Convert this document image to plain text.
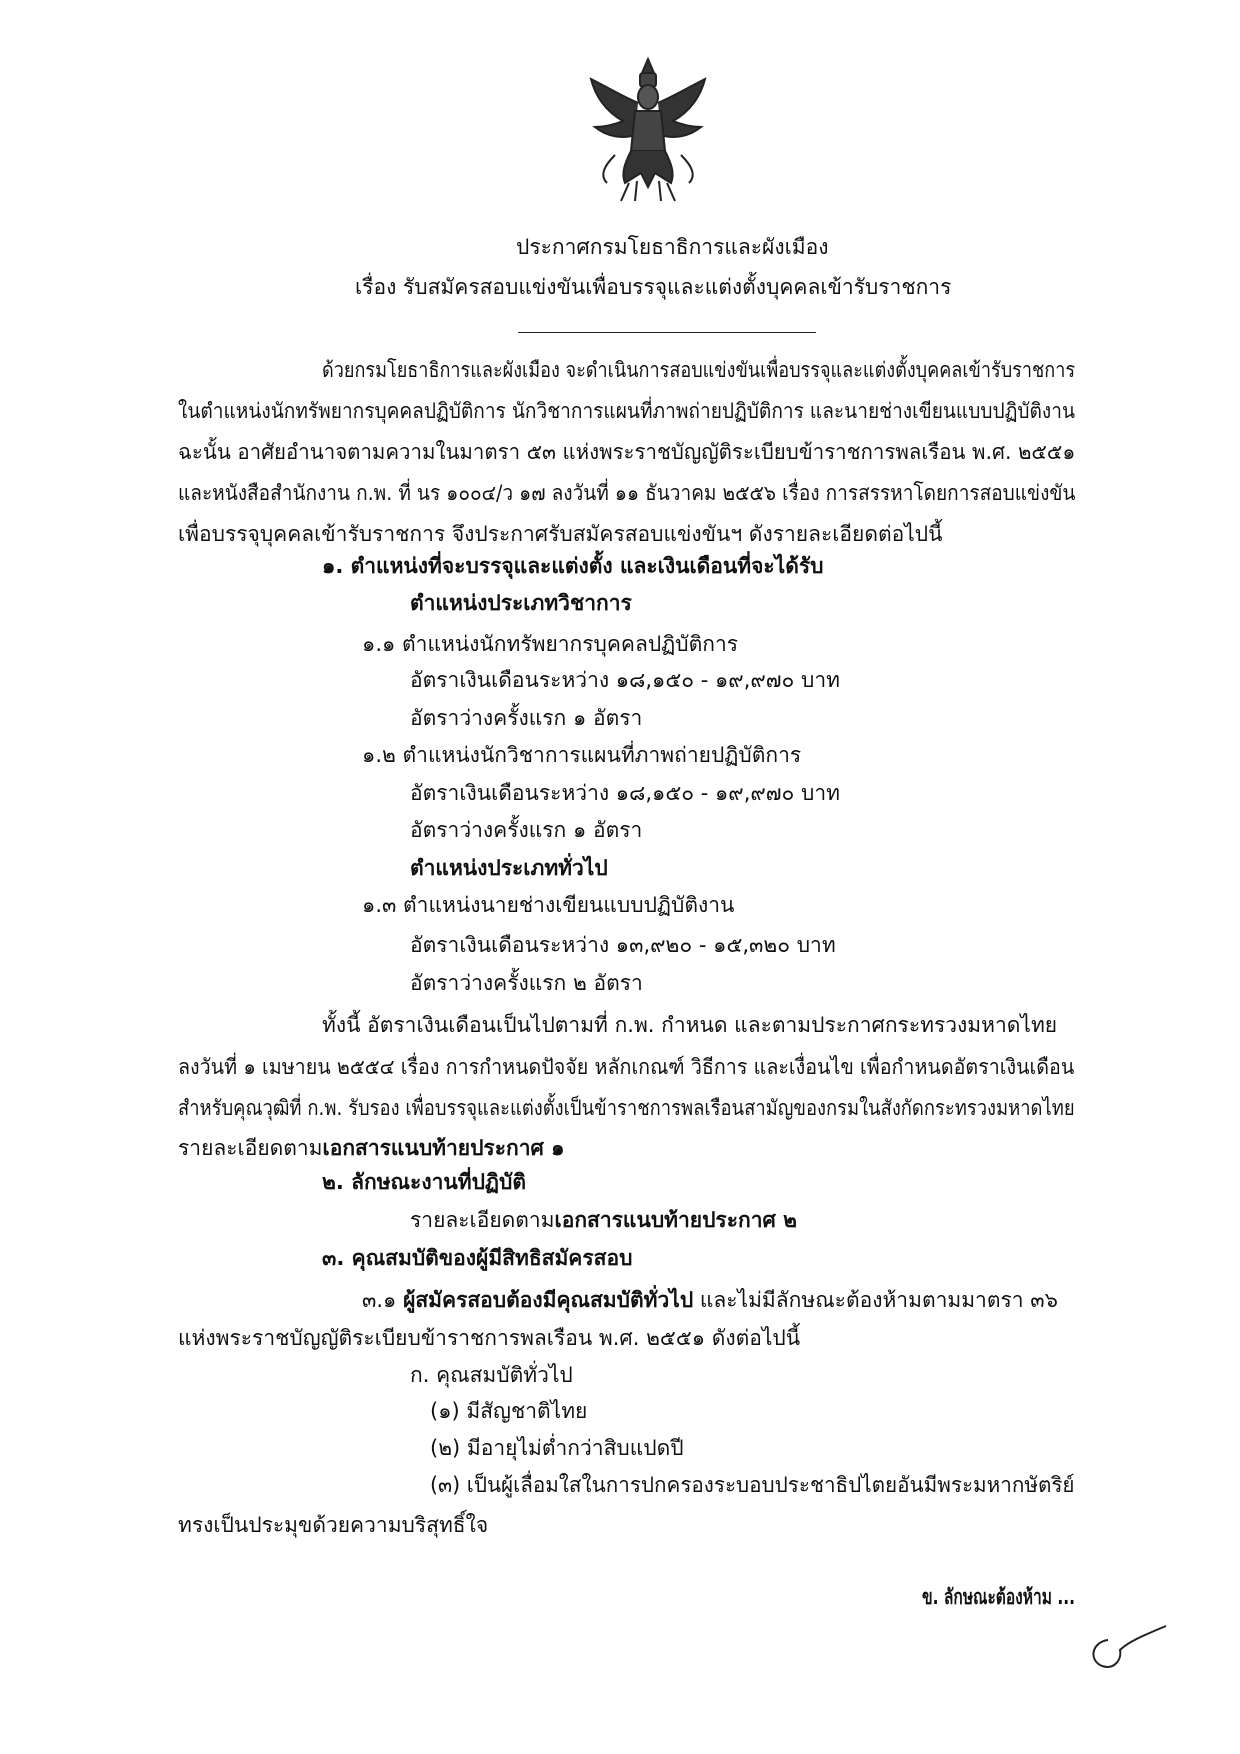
ประกาศกรมโยธาธิการและผังเมือง
เรื่อง รับสมัครสอบแข่งขันเพื่อบรรจุและแต่งตั้งบุคคลเข้ารับราชการ
ด้วยกรมโยธาธิการและผังเมือง จะดำเนินการสอบแข่งขันเพื่อบรรจุและแต่งตั้งบุคคลเข้ารับราชการ
ในตำแหน่งนักทรัพยากรบุคคลปฏิบัติการ นักวิชาการแผนที่ภาพถ่ายปฏิบัติการ และนายช่างเขียนแบบปฏิบัติงาน
ฉะนั้น อาศัยอำนาจตามความในมาตรา ๕๓ แห่งพระราชบัญญัติระเบียบข้าราชการพลเรือน พ.ศ. ๒๕๕๑
และหนังสือสำนักงาน ก.พ. ที่ นร ๑๐๐๔/ว ๑๗ ลงวันที่ ๑๑ ธันวาคม ๒๕๕๖ เรื่อง การสรรหาโดยการสอบแข่งขัน
เพื่อบรรจุบุคคลเข้ารับราชการ จึงประกาศรับสมัครสอบแข่งขันฯ ดังรายละเอียดต่อไปนี้
๑. ตำแหน่งที่จะบรรจุและแต่งตั้ง และเงินเดือนที่จะได้รับ
ตำแหน่งประเภทวิชาการ
๑.๑ ตำแหน่งนักทรัพยากรบุคคลปฏิบัติการ
อัตราเงินเดือนระหว่าง ๑๘,๑๕๐ - ๑๙,๙๗๐ บาท
อัตราว่างครั้งแรก ๑ อัตรา
๑.๒ ตำแหน่งนักวิชาการแผนที่ภาพถ่ายปฏิบัติการ
อัตราเงินเดือนระหว่าง ๑๘,๑๕๐ - ๑๙,๙๗๐ บาท
อัตราว่างครั้งแรก ๑ อัตรา
ตำแหน่งประเภททั่วไป
๑.๓ ตำแหน่งนายช่างเขียนแบบปฏิบัติงาน
อัตราเงินเดือนระหว่าง ๑๓,๙๒๐ - ๑๕,๓๒๐ บาท
อัตราว่างครั้งแรก ๒ อัตรา
ทั้งนี้ อัตราเงินเดือนเป็นไปตามที่ ก.พ. กำหนด และตามประกาศกระทรวงมหาดไทย
ลงวันที่ ๑ เมษายน ๒๕๕๔ เรื่อง การกำหนดปัจจัย หลักเกณฑ์ วิธีการ และเงื่อนไข เพื่อกำหนดอัตราเงินเดือน
สำหรับคุณวุฒิที่ ก.พ. รับรอง เพื่อบรรจุและแต่งตั้งเป็นข้าราชการพลเรือนสามัญของกรมในสังกัดกระทรวงมหาดไทย
รายละเอียดตามเอกสารแนบท้ายประกาศ ๑
๒. ลักษณะงานที่ปฏิบัติ
รายละเอียดตามเอกสารแนบท้ายประกาศ ๒
๓. คุณสมบัติของผู้มีสิทธิสมัครสอบ
๓.๑ ผู้สมัครสอบต้องมีคุณสมบัติทั่วไป และไม่มีลักษณะต้องห้ามตามมาตรา ๓๖
แห่งพระราชบัญญัติระเบียบข้าราชการพลเรือน พ.ศ. ๒๕๕๑ ดังต่อไปนี้
ก. คุณสมบัติทั่วไป
(๑) มีสัญชาติไทย
(๒) มีอายุไม่ต่ำกว่าสิบแปดปี
(๓) เป็นผู้เลื่อมใสในการปกครองระบอบประชาธิปไตยอันมีพระมหากษัตริย์
ทรงเป็นประมุขด้วยความบริสุทธิ์ใจ
ข. ลักษณะต้องห้าม ...
